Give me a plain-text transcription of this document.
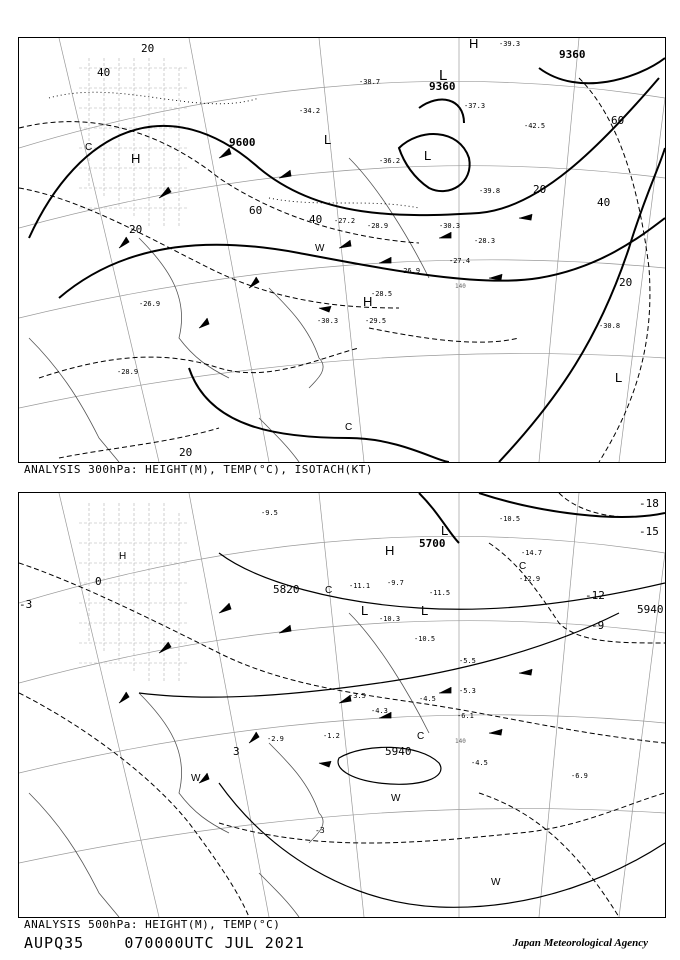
9360
9600
9360
20
40
60
40
20
20
60
40
20
20
L
L
L
H
H
H
L
W
C
C
-38.7
-39.3
-37.3
-34.2
-36.2
-30.3
-28.3
-28.9
-27.2
-26.9
-28.5
-29.5
-30.3
-28.9
-26.9
-27.4
-39.8
-42.5
-30.8
140
ANALYSIS 300hPa: HEIGHT(M), TEMP(°C), ISOTACH(KT)
5700
5820
5940
5940
-18
-15
-12
-9
-3
0
3
-3
L
H
L	L
C
C
C
W
W
W
H
-11.1
-10.3
-11.5
-10.5
-9.7
-5.5
-5.3
-4.5
-6.1
-3.5
-4.3
-2.9	-1.2
-4.5
-6.9
-12.9
-14.7
-10.5
-9.5
140
ANALYSIS 500hPa: HEIGHT(M), TEMP(°C)
AUPQ35	070000UTC JUL 2021	Japan Meteorological Agency
